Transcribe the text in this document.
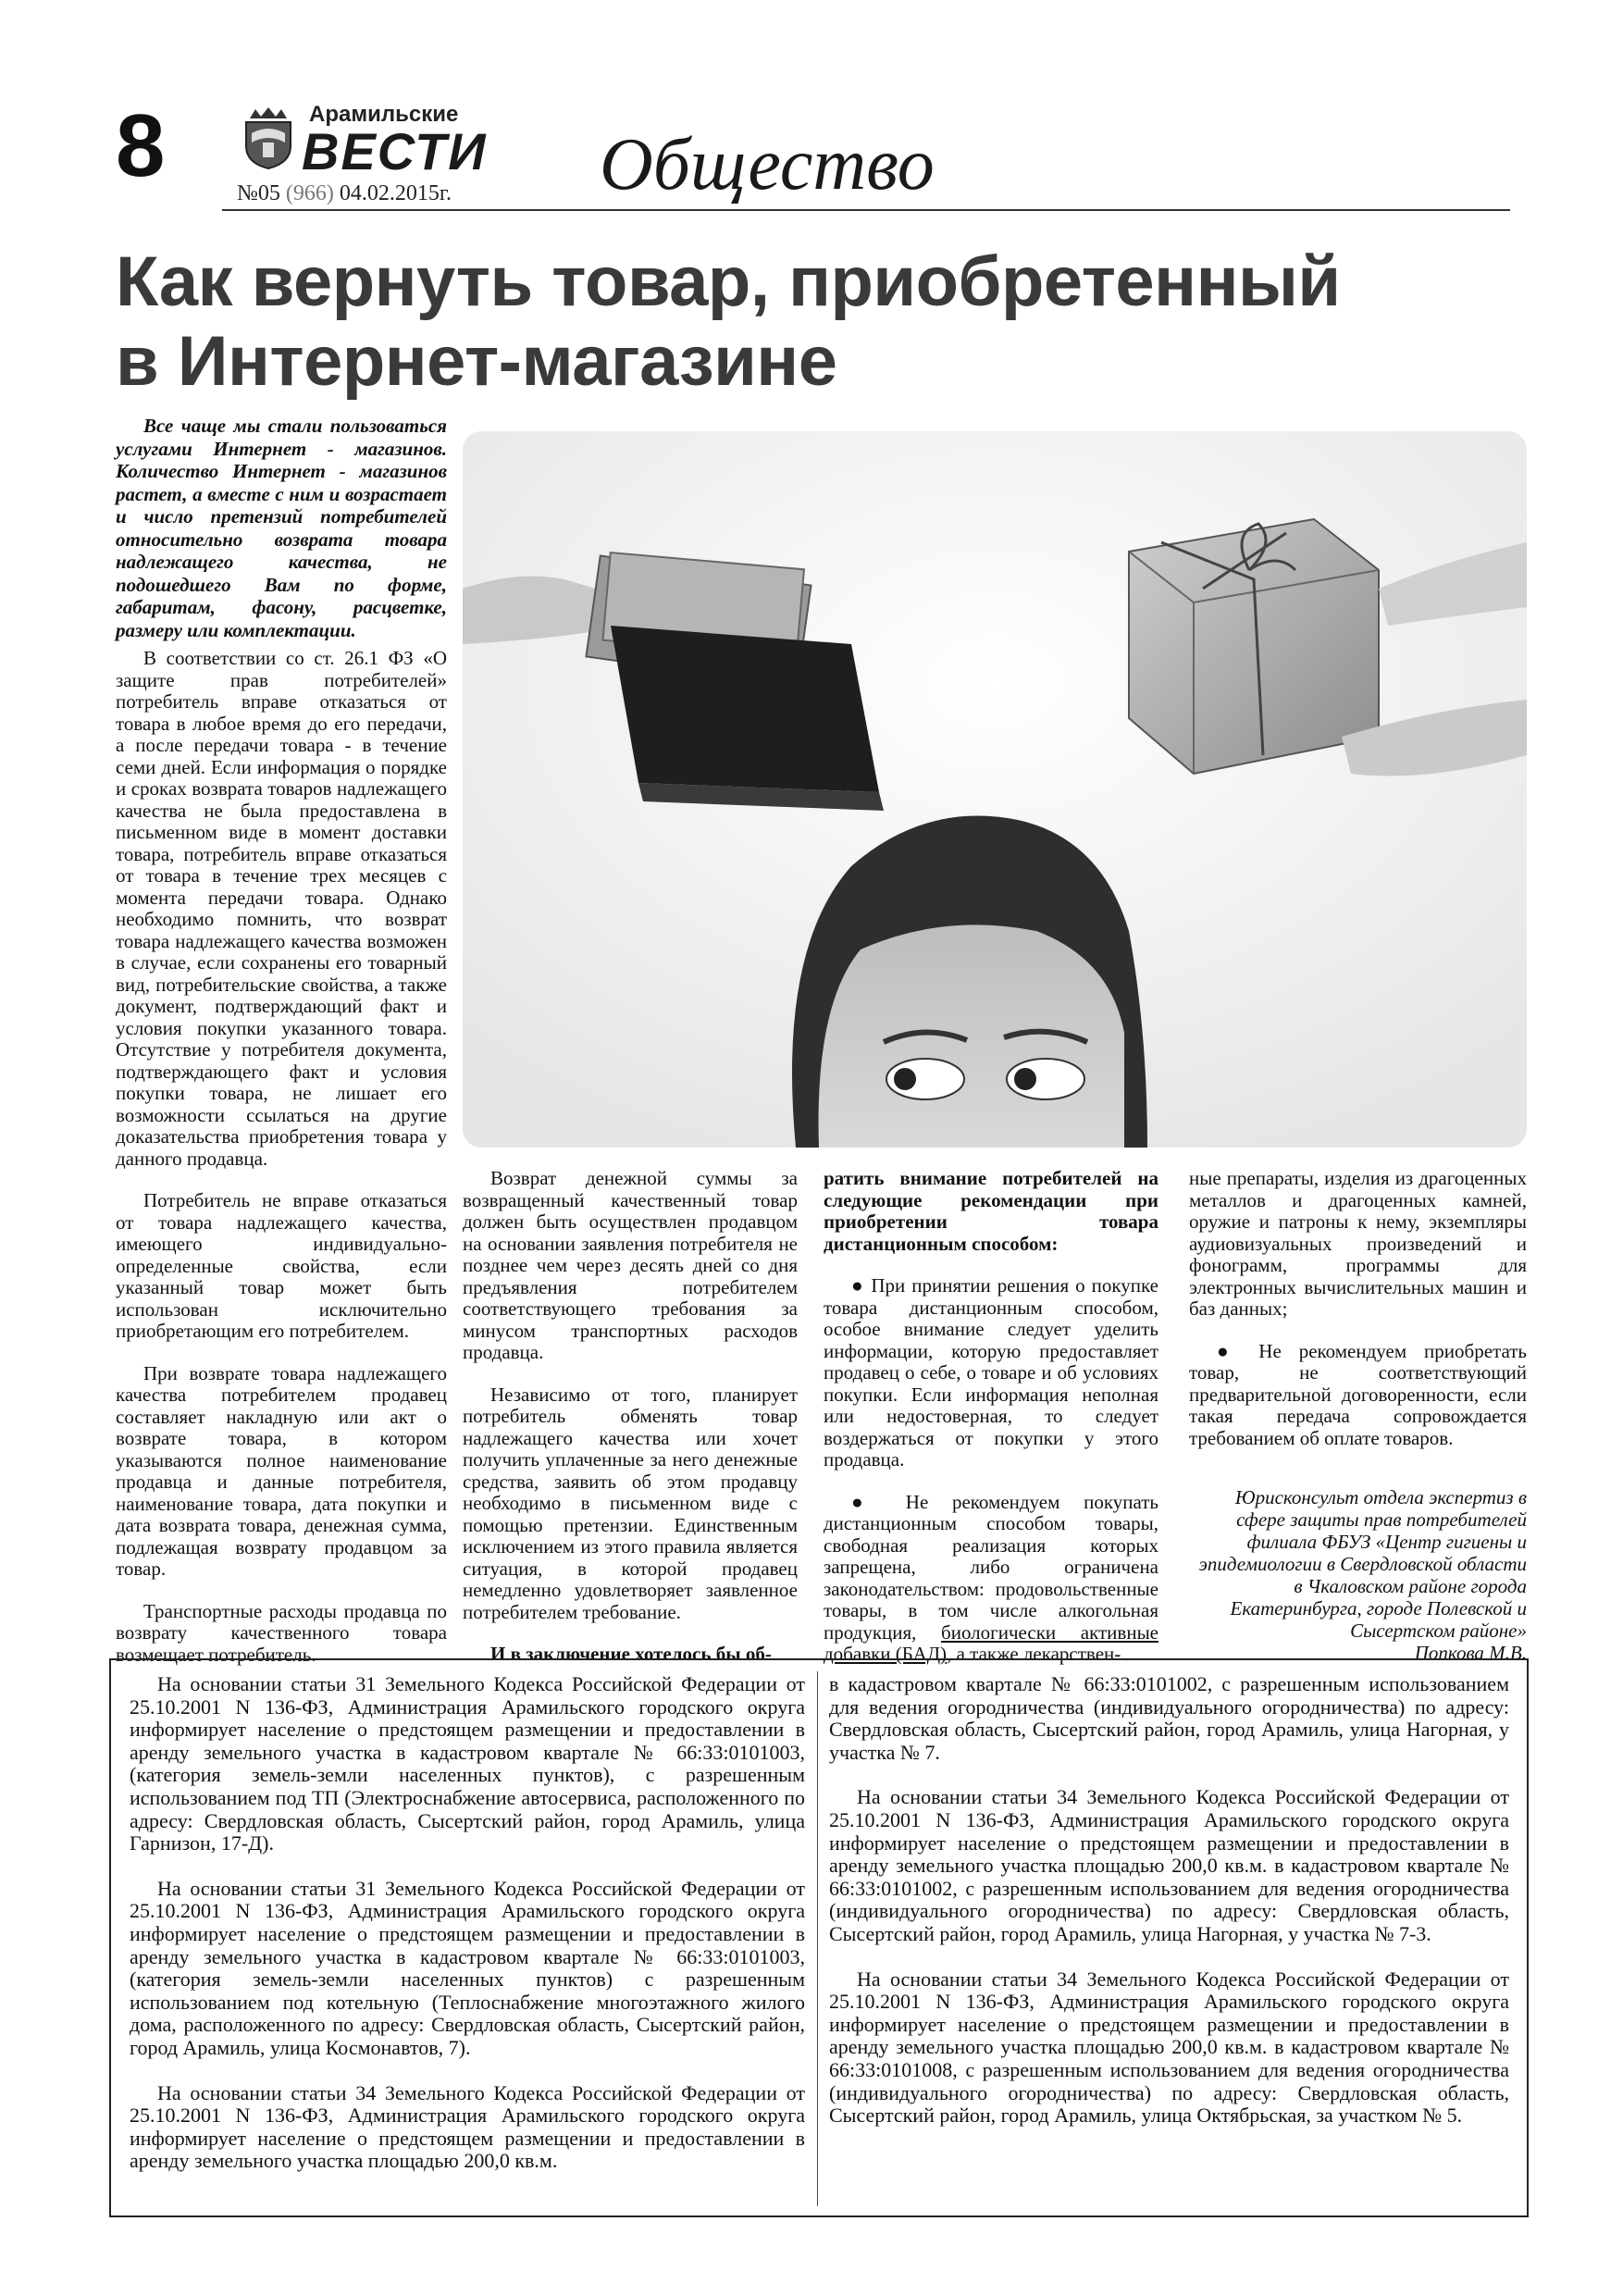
8	Арамильские
ВЕСТИ
№05 (966) 04.02.2015г. Общество
Как вернуть товар, приобретенный
в Интернет-магазине
Все чаще мы стали пользоваться услугами Интернет - магазинов. Количество Интернет - магазинов растет, а вместе с ним и возрастает и число претензий потребителей относительно возврата товара надлежащего качества, не подошедшего Вам по форме, габаритам, фасону, расцветке, размеру или комплектации.

В соответствии со ст. 26.1 ФЗ «О защите прав потребителей» потребитель вправе отказаться от товара в любое время до его передачи, а после передачи товара - в течение семи дней. Если информация о порядке и сроках возврата товаров надлежащего качества не была предоставлена в письменном виде в момент доставки товара, потребитель вправе отказаться от товара в течение трех месяцев с момента передачи товара. Однако необходимо помнить, что возврат товара надлежащего качества возможен в случае, если сохранены его товарный вид, потребительские свойства, а также документ, подтверждающий факт и условия покупки указанного товара. Отсутствие у потребителя документа, подтверждающего факт и условия покупки товара, не лишает его возможности ссылаться на другие доказательства приобретения товара у данного продавца.

Потребитель не вправе отказаться от товара надлежащего качества, имеющего индивидуально-определенные свойства, если указанный товар может быть использован исключительно приобретающим его потребителем.

При возврате товара надлежащего качества потребителем продавец составляет накладную или акт о возврате товара, в котором указываются полное наименование продавца и данные потребителя, наименование товара, дата покупки и дата возврата товара, денежная сумма, подлежащая возврату продавцом за товар.

Транспортные расходы продавца по возврату качественного товара возмещает потребитель.

Возврат денежной суммы за возвращенный качественный товар должен быть осуществлен продавцом на основании заявления потребителя не позднее чем через десять дней со дня предъявления потребителем соответствующего требования за минусом транспортных расходов продавца.

Независимо от того, планирует потребитель обменять товар надлежащего качества или хочет получить уплаченные за него денежные средства, заявить об этом продавцу необходимо в письменном виде с помощью претензии. Единственным исключением из этого правила является ситуация, в которой продавец немедленно удовлетворяет заявленное потребителем требование.

И в заключение хотелось бы об-

ратить внимание потребителей на следующие рекомендации при приобретении товара дистанционным способом:

● При принятии решения о покупке товара дистанционным способом, особое внимание следует уделить информации, которую предоставляет продавец о себе, о товаре и об условиях покупки. Если информация неполная или недостоверная, то следует воздержаться от покупки у этого продавца.

● Не рекомендуем покупать дистанционным способом товары, свободная реализация которых запрещена, либо ограничена законодательством: продовольственные товары, в том числе алкогольная продукция, биологически активные добавки (БАД), а также лекарствен-

ные препараты, изделия из драгоценных металлов и драгоценных камней, оружие и патроны к нему, экземпляры аудиовизуальных произведений и фонограмм, программы для электронных вычислительных машин и баз данных;

● Не рекомендуем приобретать товар, не соответствующий предварительной договоренности, если такая передача сопровождается требованием об оплате товаров.

Юрисконсульт отдела экспертиз в сфере защиты прав потребителей филиала ФБУЗ «Центр гигиены и эпидемиологии в Свердловской области в Чкаловском районе города Екатеринбурга, городе Полевской и Сысертском районе»
Попкова М.В.

На основании статьи 31 Земельного Кодекса Российской Федерации от 25.10.2001 N 136-ФЗ, Администрация Арамильского городского округа информирует население о предстоящем размещении и предоставлении в аренду земельного участка в кадастровом квартале № 66:33:0101003, (категория земель-земли населенных пунктов), с разрешенным использованием под ТП (Электроснабжение автосервиса, расположенного по адресу: Свердловская область, Сысертский район, город Арамиль, улица Гарнизон, 17-Д).

На основании статьи 31 Земельного Кодекса Российской Федерации от 25.10.2001 N 136-ФЗ, Администрация Арамильского городского округа информирует население о предстоящем размещении и предоставлении в аренду земельного участка в кадастровом квартале № 66:33:0101003, (категория земель-земли населенных пунктов) с разрешенным использованием под котельную (Теплоснабжение многоэтажного жилого дома, расположенного по адресу: Свердловская область, Сысертский район, город Арамиль, улица Космонавтов, 7).

На основании статьи 34 Земельного Кодекса Российской Федерации от 25.10.2001 N 136-ФЗ, Администрация Арамильского городского округа информирует население о предстоящем размещении и предоставлении в аренду земельного участка площадью 200,0 кв.м.

в кадастровом квартале № 66:33:0101002, с разрешенным использованием для ведения огородничества (индивидуального огородничества) по адресу: Свердловская область, Сысертский район, город Арамиль, улица Нагорная, у участка № 7.

На основании статьи 34 Земельного Кодекса Российской Федерации от 25.10.2001 N 136-ФЗ, Администрация Арамильского городского округа информирует население о предстоящем размещении и предоставлении в аренду земельного участка площадью 200,0 кв.м. в кадастровом квартале № 66:33:0101002, с разрешенным использованием для ведения огородничества (индивидуального огородничества) по адресу: Свердловская область, Сысертский район, город Арамиль, улица Нагорная, у участка № 7-3.

На основании статьи 34 Земельного Кодекса Российской Федерации от 25.10.2001 N 136-ФЗ, Администрация Арамильского городского округа информирует население о предстоящем размещении и предоставлении в аренду земельного участка площадью 200,0 кв.м. в кадастровом квартале № 66:33:0101008, с разрешенным использованием для ведения огородничества (индивидуального огородничества) по адресу: Свердловская область, Сысертский район, город Арамиль, улица Октябрьская, за участком № 5.
